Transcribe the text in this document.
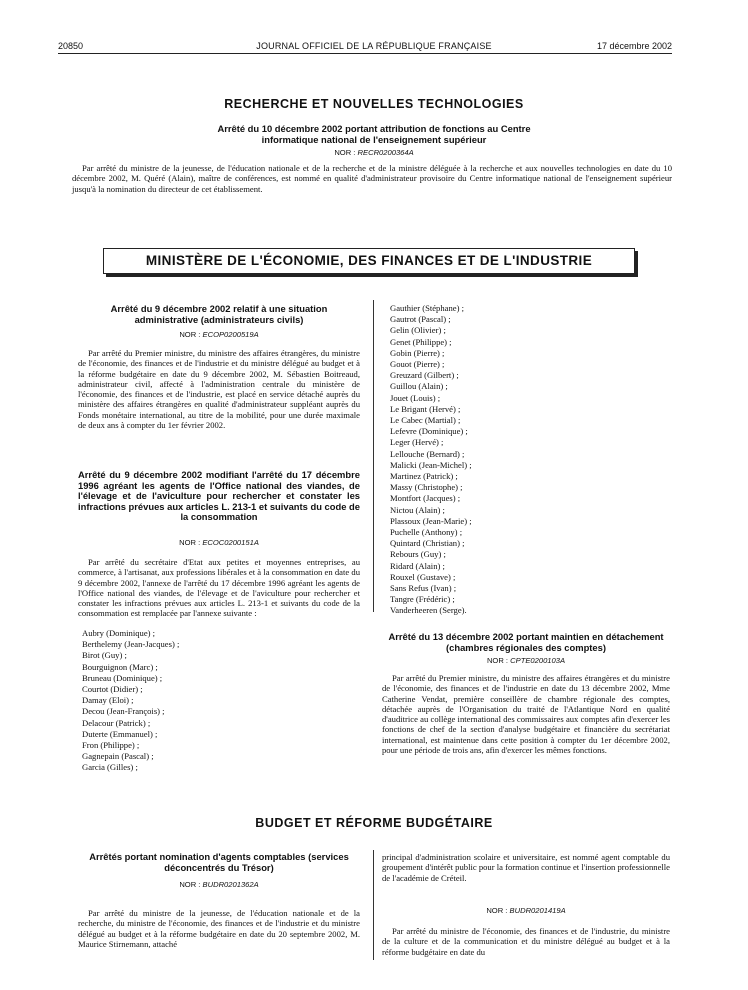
20850	JOURNAL OFFICIEL DE LA RÉPUBLIQUE FRANÇAISE	17 décembre 2002
RECHERCHE ET NOUVELLES TECHNOLOGIES
Arrêté du 10 décembre 2002 portant attribution de fonctions au Centre informatique national de l'enseignement supérieur
NOR : RECR0200364A
Par arrêté du ministre de la jeunesse, de l'éducation nationale et de la recherche et de la ministre déléguée à la recherche et aux nouvelles technologies en date du 10 décembre 2002, M. Quéré (Alain), maître de conférences, est nommé en qualité d'administrateur provisoire du Centre informatique national de l'enseignement supérieur jusqu'à la nomination du directeur de cet établissement.
MINISTÈRE DE L'ÉCONOMIE, DES FINANCES ET DE L'INDUSTRIE
Arrêté du 9 décembre 2002 relatif à une situation administrative (administrateurs civils)
NOR : ECOP0200519A
Par arrêté du Premier ministre, du ministre des affaires étrangères, du ministre de l'économie, des finances et de l'industrie et du ministre délégué au budget et à la réforme budgétaire en date du 9 décembre 2002, M. Sébastien Boitreaud, administrateur civil, affecté à l'administration centrale du ministère de l'économie, des finances et de l'industrie, est placé en service détaché auprès du ministère des affaires étrangères en qualité d'administrateur suppléant auprès du Fonds monétaire international, au titre de la mobilité, pour une durée maximale de deux ans à compter du 1er février 2002.
Arrêté du 9 décembre 2002 modifiant l'arrêté du 17 décembre 1996 agréant les agents de l'Office national des viandes, de l'élevage et de l'aviculture pour rechercher et constater les infractions prévues aux articles L. 213-1 et suivants du code de la consommation
NOR : ECOC0200151A
Par arrêté du secrétaire d'Etat aux petites et moyennes entreprises, au commerce, à l'artisanat, aux professions libérales et à la consommation en date du 9 décembre 2002, l'annexe de l'arrêté du 17 décembre 1996 agréant les agents de l'Office national des viandes, de l'élevage et de l'aviculture pour rechercher et constater les infractions prévues aux articles L. 213-1 et suivants du code de la consommation est remplacée par l'annexe suivante :
Aubry (Dominique) ;
Berthelemy (Jean-Jacques) ;
Birot (Guy) ;
Bourguignon (Marc) ;
Bruneau (Dominique) ;
Courtot (Didier) ;
Damay (Eloi) ;
Decou (Jean-François) ;
Delacour (Patrick) ;
Duterte (Emmanuel) ;
Fron (Philippe) ;
Gagnepain (Pascal) ;
Garcia (Gilles) ;
Gauthier (Stéphane) ;
Gautrot (Pascal) ;
Gelin (Olivier) ;
Genet (Philippe) ;
Gobin (Pierre) ;
Gouot (Pierre) ;
Greuzard (Gilbert) ;
Guillou (Alain) ;
Jouet (Louis) ;
Le Brigant (Hervé) ;
Le Cabec (Martial) ;
Lefevre (Dominique) ;
Leger (Hervé) ;
Lellouche (Bernard) ;
Malicki (Jean-Michel) ;
Martinez (Patrick) ;
Massy (Christophe) ;
Montfort (Jacques) ;
Nictou (Alain) ;
Plassoux (Jean-Marie) ;
Puchelle (Anthony) ;
Quintard (Christian) ;
Rebours (Guy) ;
Ridard (Alain) ;
Rouxel (Gustave) ;
Sans Refus (Ivan) ;
Tangre (Frédéric) ;
Vanderheeren (Serge).
Arrêté du 13 décembre 2002 portant maintien en détachement (chambres régionales des comptes)
NOR : CPTE0200103A
Par arrêté du Premier ministre, du ministre des affaires étrangères et du ministre de l'économie, des finances et de l'industrie en date du 13 décembre 2002, Mme Catherine Vendat, première conseillère de chambre régionale des comptes, détachée auprès de l'Organisation du traité de l'Atlantique Nord en qualité d'auditrice au collège international des commissaires aux comptes afin d'exercer les fonctions de chef de la section d'analyse budgétaire et financière du secrétariat international, est maintenue dans cette position à compter du 1er décembre 2002, pour une période de trois ans, afin d'exercer les mêmes fonctions.
BUDGET ET RÉFORME BUDGÉTAIRE
Arrêtés portant nomination d'agents comptables (services déconcentrés du Trésor)
NOR : BUDR0201362A
Par arrêté du ministre de la jeunesse, de l'éducation nationale et de la recherche, du ministre de l'économie, des finances et de l'industrie et du ministre délégué au budget et à la réforme budgétaire en date du 20 septembre 2002, M. Maurice Stirnemann, attaché
principal d'administration scolaire et universitaire, est nommé agent comptable du groupement d'intérêt public pour la formation continue et l'insertion professionnelle de l'académie de Créteil.
NOR : BUDR0201419A
Par arrêté du ministre de l'économie, des finances et de l'industrie, du ministre de la culture et de la communication et du ministre délégué au budget et à la réforme budgétaire en date du
